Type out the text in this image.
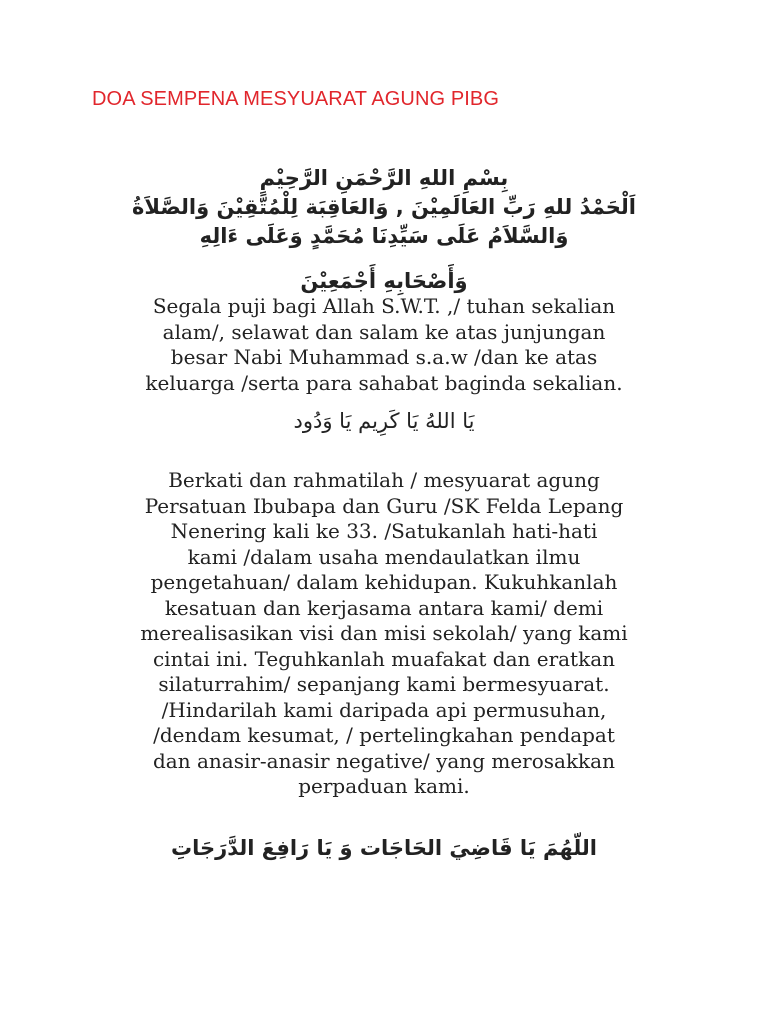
DOA SEMPENA MESYUARAT AGUNG PIBG
بِسْمِ اللهِ الرَّحْمَنِ الرَّحِيْمِ
اَلْحَمْدُ للهِ رَبِّ العَالَمِيْنَ , وَالعَاقِبَة لِلْمُتَّقِيْنَ وَالصَّلاَةُ
وَالسَّلاَمُ عَلَى سَيِّدِنَا مُحَمَّدٍ وَعَلَى ءَالِهِ
وَأَصْحَابِهِ أَجْمَعِيْنَ
Segala puji bagi Allah S.W.T. ,/ tuhan sekalian
alam/, selawat dan salam ke atas junjungan
besar Nabi Muhammad s.a.w /dan ke atas
keluarga /serta para sahabat baginda sekalian.
يَا اللهُ يَا كَرِيم يَا وَدُود
Berkati dan rahmatilah / mesyuarat agung
Persatuan Ibubapa dan Guru /SK Felda Lepang
Nenering kali ke 33. /Satukanlah hati-hati
kami /dalam usaha mendaulatkan ilmu
pengetahuan/ dalam kehidupan. Kukuhkanlah
kesatuan dan kerjasama antara kami/ demi
merealisasikan visi dan misi sekolah/ yang kami
cintai ini. Teguhkanlah muafakat dan eratkan
silaturrahim/ sepanjang kami bermesyuarat.
/Hindarilah kami daripada api permusuhan,
/dendam kesumat, / pertelingkahan pendapat
dan anasir-anasir negative/ yang merosakkan
perpaduan kami.
اللّهُمَ يَا قَاضِيَ الحَاجَات وَ يَا رَافِعَ الدَّرَجَاتِ
